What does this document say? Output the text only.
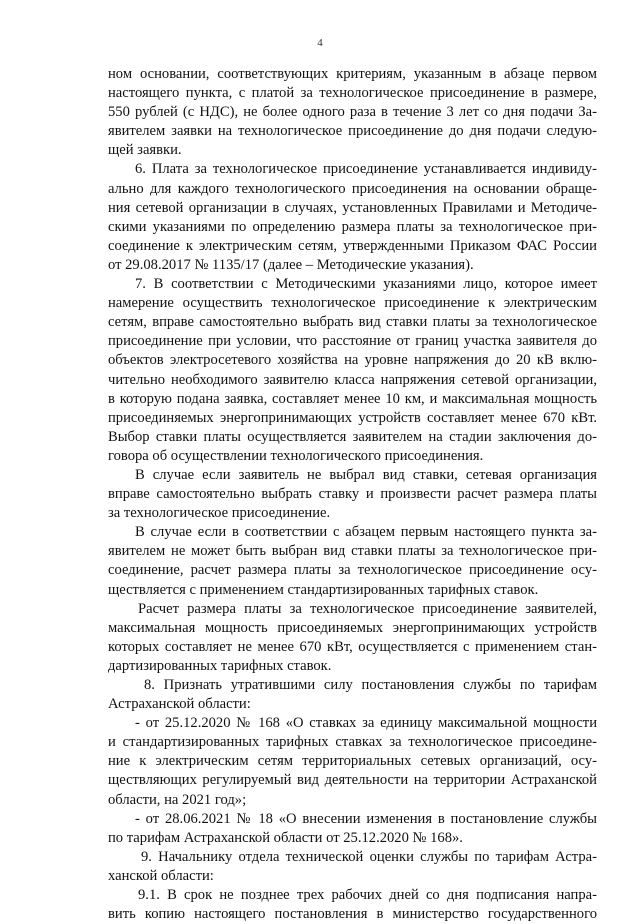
4
ном основании, соответствующих критериям, указанным в абзаце первом
настоящего пункта, с платой за технологическое присоединение в размере,
550 рублей (с НДС), не более одного раза в течение 3 лет со дня подачи За-
явителем заявки на технологическое присоединение до дня подачи следую-
щей заявки.
6. Плата за технологическое присоединение устанавливается индивиду-
ально для каждого технологического присоединения на основании обраще-
ния сетевой организации в случаях, установленных Правилами и Методиче-
скими указаниями по определению размера платы за технологическое при-
соединение к электрическим сетям, утвержденными Приказом ФАС России
от 29.08.2017 № 1135/17 (далее – Методические указания).
7. В соответствии с Методическими указаниями лицо, которое имеет
намерение осуществить технологическое присоединение к электрическим
сетям, вправе самостоятельно выбрать вид ставки платы за технологическое
присоединение при условии, что расстояние от границ участка заявителя до
объектов электросетевого хозяйства на уровне напряжения до 20 кВ вклю-
чительно необходимого заявителю класса напряжения сетевой организации,
в которую подана заявка, составляет менее 10 км, и максимальная мощность
присоединяемых энергопринимающих устройств составляет менее 670 кВт.
Выбор ставки платы осуществляется заявителем на стадии заключения до-
говора об осуществлении технологического присоединения.
В случае если заявитель не выбрал вид ставки, сетевая организация
вправе самостоятельно выбрать ставку и произвести расчет размера платы
за технологическое присоединение.
В случае если в соответствии с абзацем первым настоящего пункта за-
явителем не может быть выбран вид ставки платы за технологическое при-
соединение, расчет размера платы за технологическое присоединение осу-
ществляется с применением стандартизированных тарифных ставок.
Расчет размера платы за технологическое присоединение заявителей,
максимальная мощность присоединяемых энергопринимающих устройств
которых составляет не менее 670 кВт, осуществляется с применением стан-
дартизированных тарифных ставок.
8. Признать утратившими силу постановления службы по тарифам
Астраханской области:
- от 25.12.2020 № 168 «О ставках за единицу максимальной мощности
и стандартизированных тарифных ставках за технологическое присоедине-
ние к электрическим сетям территориальных сетевых организаций, осу-
ществляющих регулируемый вид деятельности на территории Астраханской
области, на 2021 год»;
- от 28.06.2021 № 18 «О внесении изменения в постановление службы
по тарифам Астраханской области от 25.12.2020 № 168».
9. Начальнику отдела технической оценки службы по тарифам Астра-
ханской области:
9.1. В срок не позднее трех рабочих дней со дня подписания напра-
вить копию настоящего постановления в министерство государственного
